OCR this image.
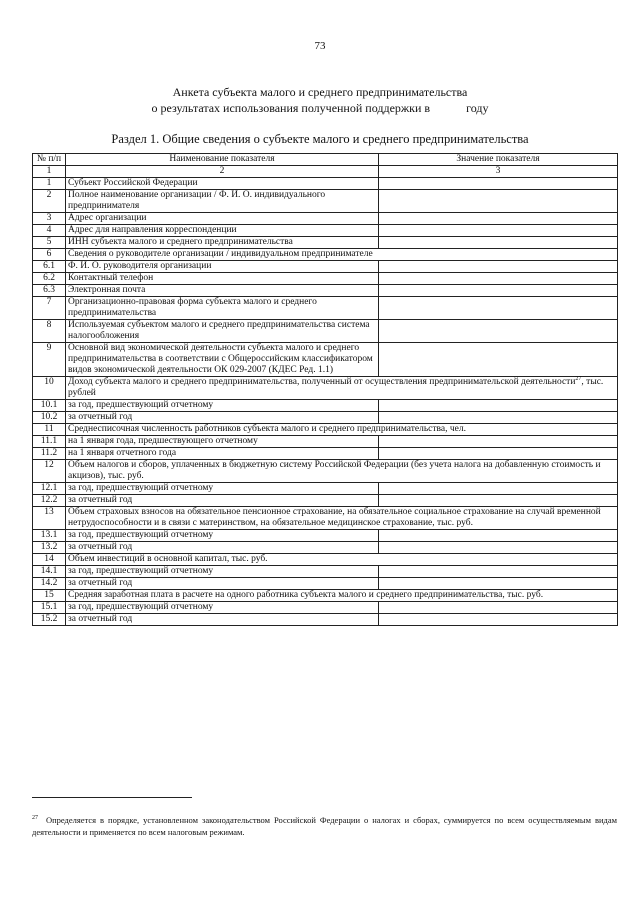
73
Анкета субъекта малого и среднего предпринимательства
о результатах использования полученной поддержки в	году
Раздел 1. Общие сведения о субъекте малого и среднего предпринимательства
№ п/п	Наименование показателя	Значение показателя
1	2	3
1	Субъект Российской Федерации	
2	Полное наименование организации / Ф. И. О. индивидуального предпринимателя	
3	Адрес организации	
4	Адрес для направления корреспонденции	
5	ИНН субъекта малого и среднего предпринимательства	
6	Сведения о руководителе организации / индивидуальном предпринимателе	
6.1	Ф. И. О. руководителя организации	
6.2	Контактный телефон	
6.3	Электронная почта	
7	Организационно-правовая форма субъекта малого и среднего предпринимательства	
8	Используемая субъектом малого и среднего предпринимательства система налогообложения	
9	Основной вид экономической деятельности субъекта малого и среднего предпринимательства в соответствии с Общероссийским классификатором видов экономической деятельности ОК 029-2007 (КДЕС Ред. 1.1)	
10	Доход субъекта малого и среднего предпринимательства, полученный от осуществления предпринимательской деятельности$^{27}$, тыс. рублей	
10.1	за год, предшествующий отчетному	
10.2	за отчетный год	
11	Среднесписочная численность работников субъекта малого и среднего предпринимательства, чел.	
11.1	на 1 января года, предшествующего отчетному	
11.2	на 1 января отчетного года	
12	Объем налогов и сборов, уплаченных в бюджетную систему Российской Федерации (без учета налога на добавленную стоимость и акцизов), тыс. руб.	
12.1	за год, предшествующий отчетному	
12.2	за отчетный год	
13	Объем страховых взносов на обязательное пенсионное страхование, на обязательное социальное страхование на случай временной нетрудоспособности и в связи с материнством, на обязательное медицинское страхование, тыс. руб.	
13.1	за год, предшествующий отчетному	
13.2	за отчетный год	
14	Объем инвестиций в основной капитал, тыс. руб.	
14.1	за год, предшествующий отчетному	
14.2	за отчетный год	
15	Средняя заработная плата в расчете на одного работника субъекта малого и среднего предпринимательства, тыс. руб.	
15.1	за год, предшествующий отчетному	
15.2	за отчетный год	
$^{27}$ Определяется в порядке, установленном законодательством Российской Федерации о налогах и сборах, суммируется по всем осуществляемым видам деятельности и применяется по всем налоговым режимам.
